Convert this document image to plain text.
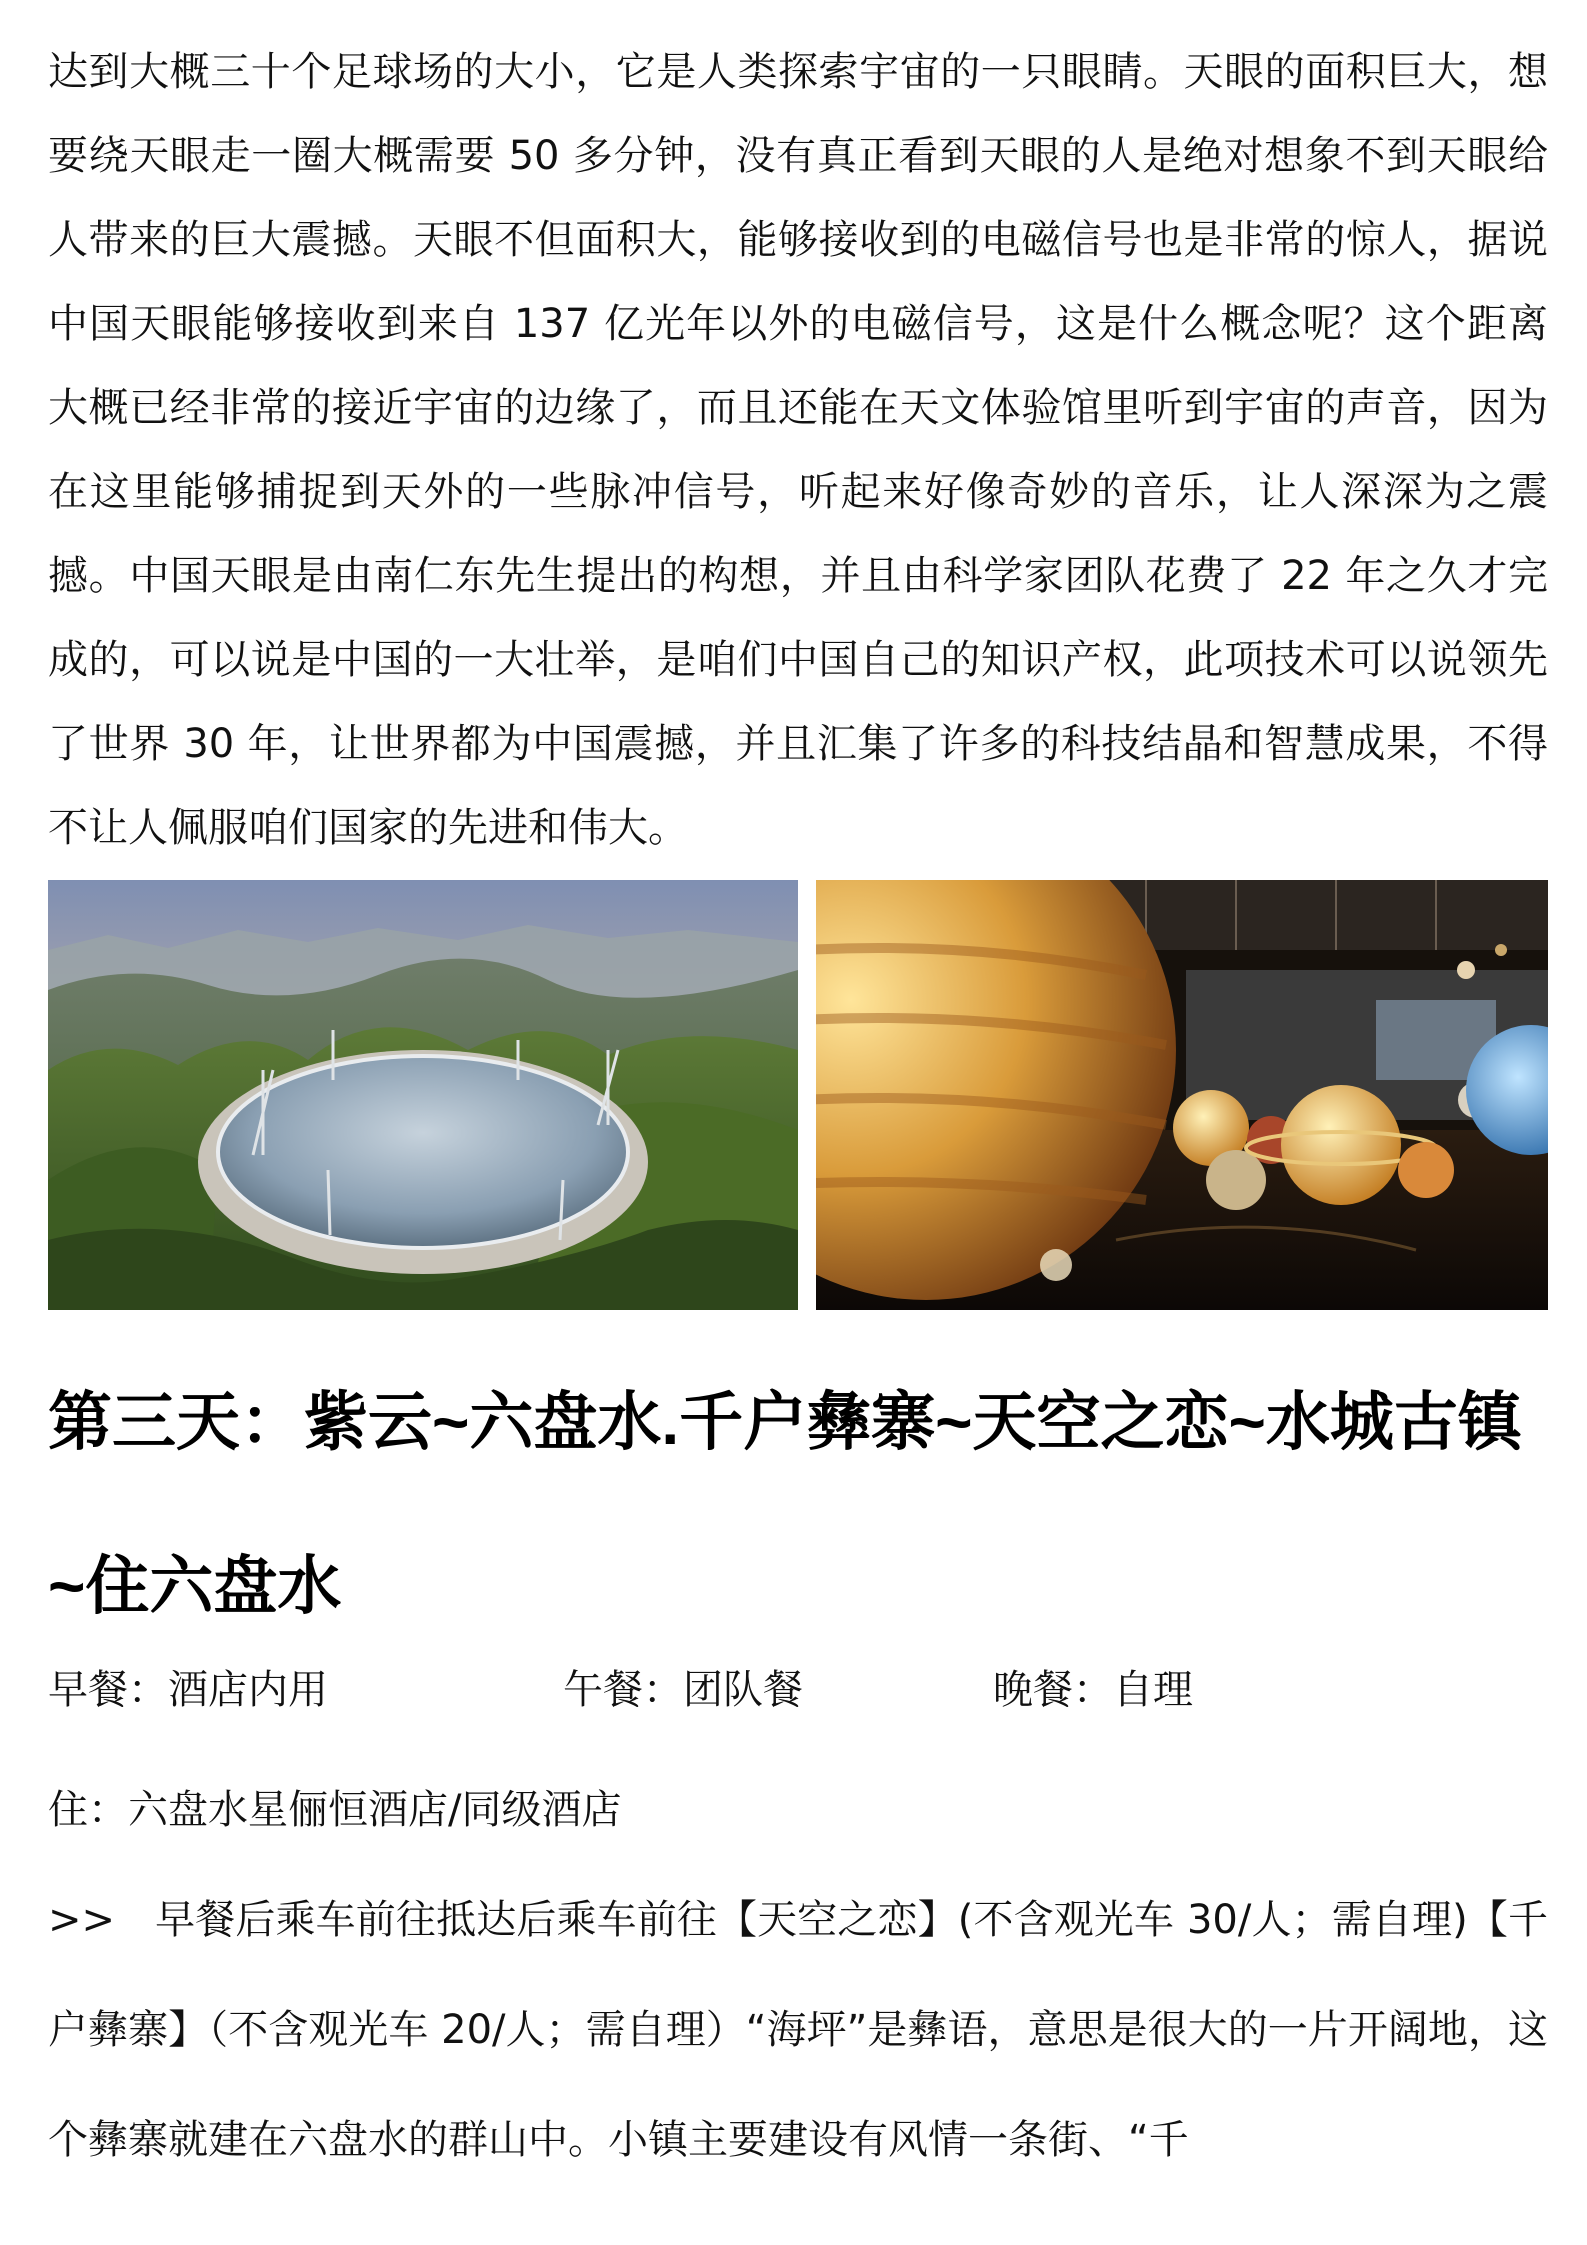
达到大概三十个足球场的大小，它是人类探索宇宙的一只眼睛。天眼的面积巨大，想要绕天眼走一圈大概需要 50 多分钟，没有真正看到天眼的人是绝对想象不到天眼给人带来的巨大震撼。天眼不但面积大，能够接收到的电磁信号也是非常的惊人，据说中国天眼能够接收到来自 137 亿光年以外的电磁信号，这是什么概念呢？这个距离大概已经非常的接近宇宙的边缘了，而且还能在天文体验馆里听到宇宙的声音，因为在这里能够捕捉到天外的一些脉冲信号，听起来好像奇妙的音乐，让人深深为之震撼。中国天眼是由南仁东先生提出的构想，并且由科学家团队花费了 22 年之久才完成的，可以说是中国的一大壮举，是咱们中国自己的知识产权，此项技术可以说领先了世界 30 年，让世界都为中国震撼，并且汇集了许多的科技结晶和智慧成果，不得不让人佩服咱们国家的先进和伟大。

第三天：紫云~六盘水.千户彝寨~天空之恋~水城古镇~住六盘水
早餐：酒店内用	午餐：团队餐	晚餐：自理
住：六盘水星俪恒酒店/同级酒店

>> 早餐后乘车前往抵达后乘车前往【天空之恋】(不含观光车 30/人；需自理)【千户彝寨】（不含观光车 20/人；需自理）“海坪”是彝语，意思是很大的一片开阔地，这个彝寨就建在六盘水的群山中。小镇主要建设有风情一条街、“千
